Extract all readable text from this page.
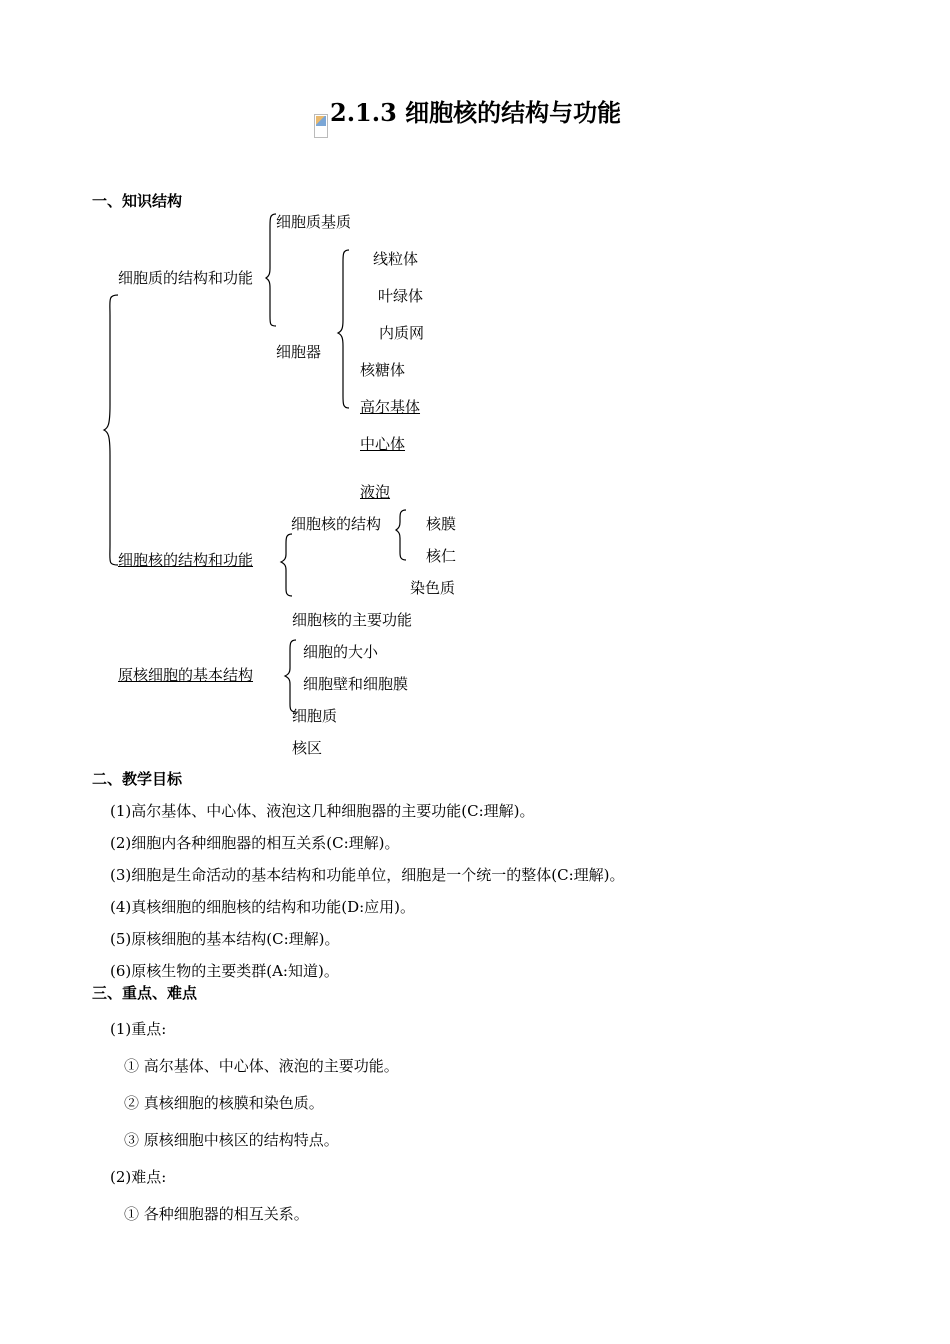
2.1.3 细胞核的结构与功能
一、知识结构
细胞质的结构和功能
细胞质基质
细胞器
线粒体
叶绿体
内质网
核糖体
高尔基体
中心体
液泡
细胞核的结构和功能
细胞核的结构	核膜
核仁
染色质
细胞核的主要功能
原核细胞的基本结构
细胞的大小
细胞壁和细胞膜
细胞质
核区
二、教学目标
(1)高尔基体、中心体、液泡这几种细胞器的主要功能(C:理解)。
(2)细胞内各种细胞器的相互关系(C:理解)。
(3)细胞是生命活动的基本结构和功能单位，细胞是一个统一的整体(C:理解)。
(4)真核细胞的细胞核的结构和功能(D:应用)。
(5)原核细胞的基本结构(C:理解)。
(6)原核生物的主要类群(A:知道)。
三、重点、难点
(1)重点:
① 高尔基体、中心体、液泡的主要功能。
② 真核细胞的核膜和染色质。
③ 原核细胞中核区的结构特点。
(2)难点:
① 各种细胞器的相互关系。
